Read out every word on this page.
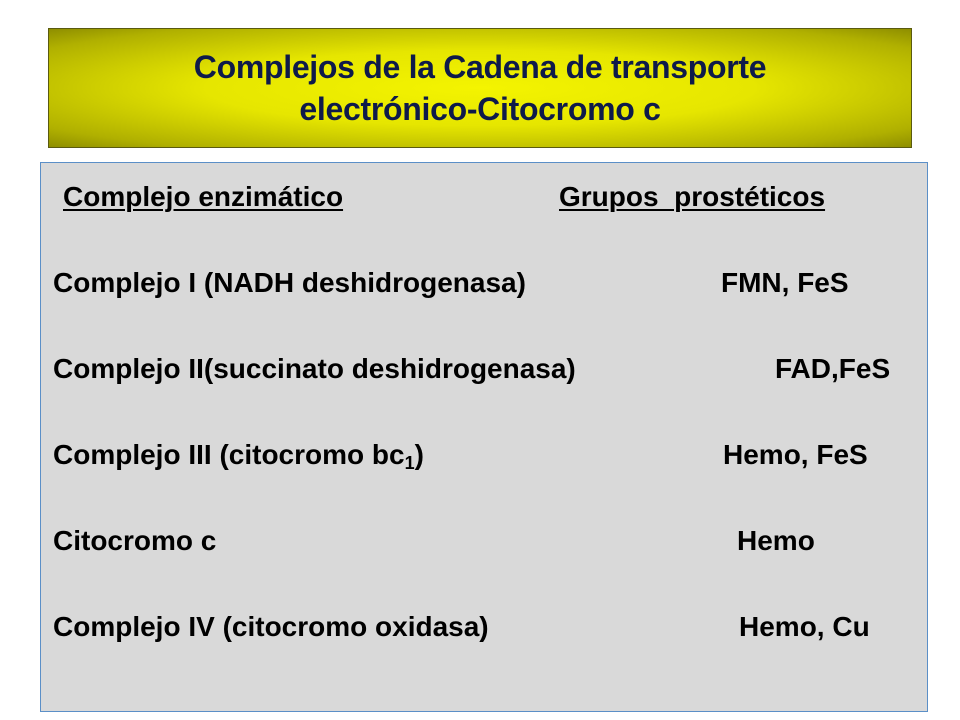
Complejos de la Cadena de transporte
electrónico-Citocromo c
Complejo enzimático	Grupos  prostéticos
Complejo I (NADH deshidrogenasa)	FMN, FeS
Complejo II(succinato deshidrogenasa)	FAD,FeS
Complejo III (citocromo $bc_1$)	Hemo, FeS
Citocromo c	Hemo
Complejo IV (citocromo oxidasa)	Hemo, Cu
